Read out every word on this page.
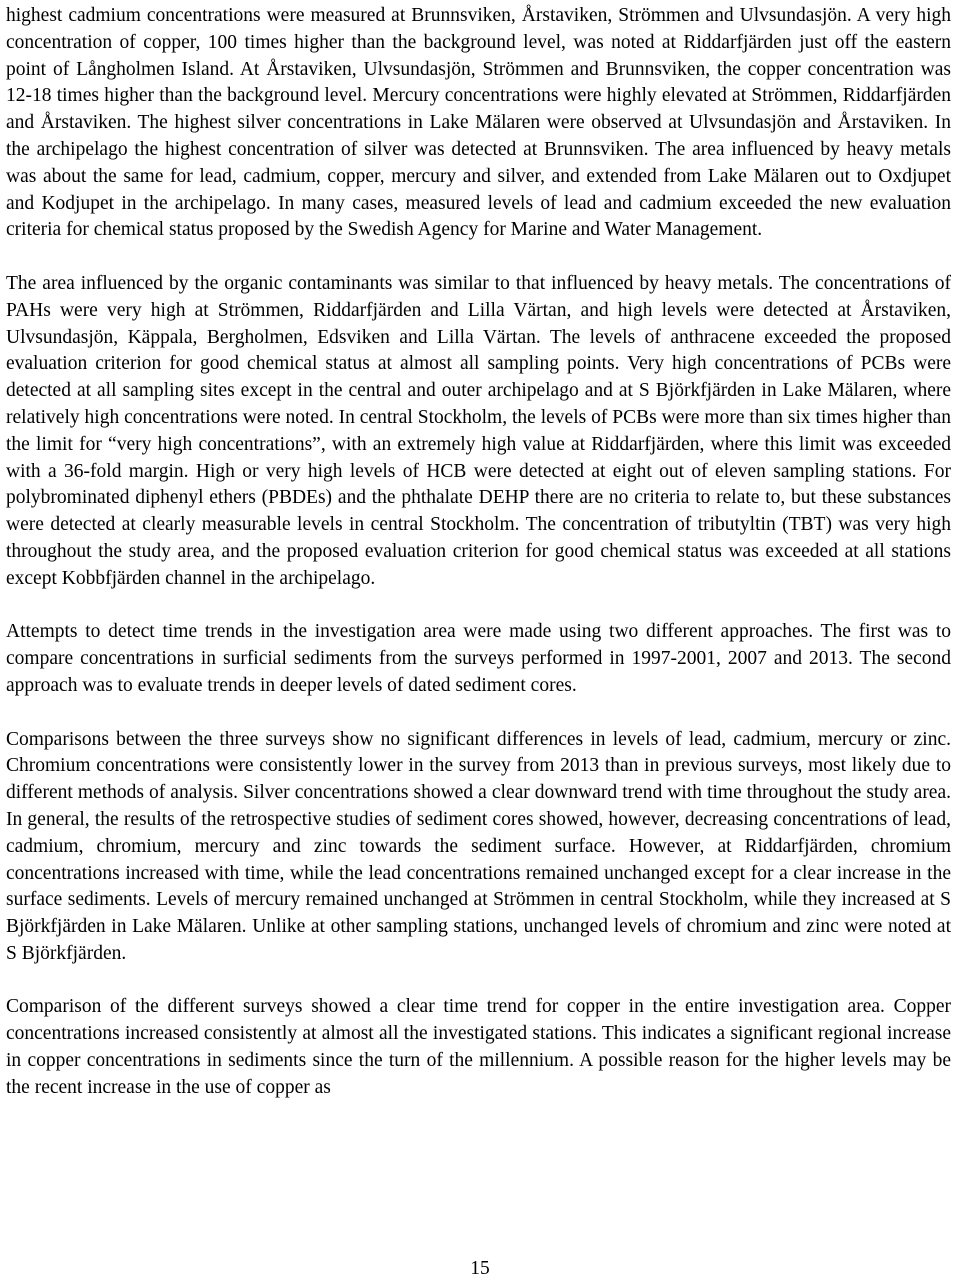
highest cadmium concentrations were measured at Brunnsviken, Årstaviken, Strömmen and Ulvsundasjön. A very high concentration of copper, 100 times higher than the background level, was noted at Riddarfjärden just off the eastern point of Långholmen Island. At Årstaviken, Ulvsundasjön, Strömmen and Brunnsviken, the copper concentration was 12-18 times higher than the background level. Mercury concentrations were highly elevated at Strömmen, Riddarfjärden and Årstaviken. The highest silver concentrations in Lake Mälaren were observed at Ulvsundasjön and Årstaviken. In the archipelago the highest concentration of silver was detected at Brunnsviken. The area influenced by heavy metals was about the same for lead, cadmium, copper, mercury and silver, and extended from Lake Mälaren out to Oxdjupet and Kodjupet in the archipelago. In many cases, measured levels of lead and cadmium exceeded the new evaluation criteria for chemical status proposed by the Swedish Agency for Marine and Water Management.

The area influenced by the organic contaminants was similar to that influenced by heavy metals. The concentrations of PAHs were very high at Strömmen, Riddarfjärden and Lilla Värtan, and high levels were detected at Årstaviken, Ulvsundasjön, Käppala, Bergholmen, Edsviken and Lilla Värtan. The levels of anthracene exceeded the proposed evaluation criterion for good chemical status at almost all sampling points. Very high concentrations of PCBs were detected at all sampling sites except in the central and outer archipelago and at S Björkfjärden in Lake Mälaren, where relatively high concentrations were noted. In central Stockholm, the levels of PCBs were more than six times higher than the limit for “very high concentrations”, with an extremely high value at Riddarfjärden, where this limit was exceeded with a 36-fold margin. High or very high levels of HCB were detected at eight out of eleven sampling stations. For polybrominated diphenyl ethers (PBDEs) and the phthalate DEHP there are no criteria to relate to, but these substances were detected at clearly measurable levels in central Stockholm. The concentration of tributyltin (TBT) was very high throughout the study area, and the proposed evaluation criterion for good chemical status was exceeded at all stations except Kobbfjärden channel in the archipelago.

Attempts to detect time trends in the investigation area were made using two different approaches. The first was to compare concentrations in surficial sediments from the surveys performed in 1997-2001, 2007 and 2013. The second approach was to evaluate trends in deeper levels of dated sediment cores.

Comparisons between the three surveys show no significant differences in levels of lead, cadmium, mercury or zinc. Chromium concentrations were consistently lower in the survey from 2013 than in previous surveys, most likely due to different methods of analysis. Silver concentrations showed a clear downward trend with time throughout the study area. In general, the results of the retrospective studies of sediment cores showed, however, decreasing concentrations of lead, cadmium, chromium, mercury and zinc towards the sediment surface. However, at Riddarfjärden, chromium concentrations increased with time, while the lead concentrations remained unchanged except for a clear increase in the surface sediments. Levels of mercury remained unchanged at Strömmen in central Stockholm, while they increased at S Björkfjärden in Lake Mälaren. Unlike at other sampling stations, unchanged levels of chromium and zinc were noted at S Björkfjärden.

Comparison of the different surveys showed a clear time trend for copper in the entire investigation area. Copper concentrations increased consistently at almost all the investigated stations. This indicates a significant regional increase in copper concentrations in sediments since the turn of the millennium. A possible reason for the higher levels may be the recent increase in the use of copper as

15
